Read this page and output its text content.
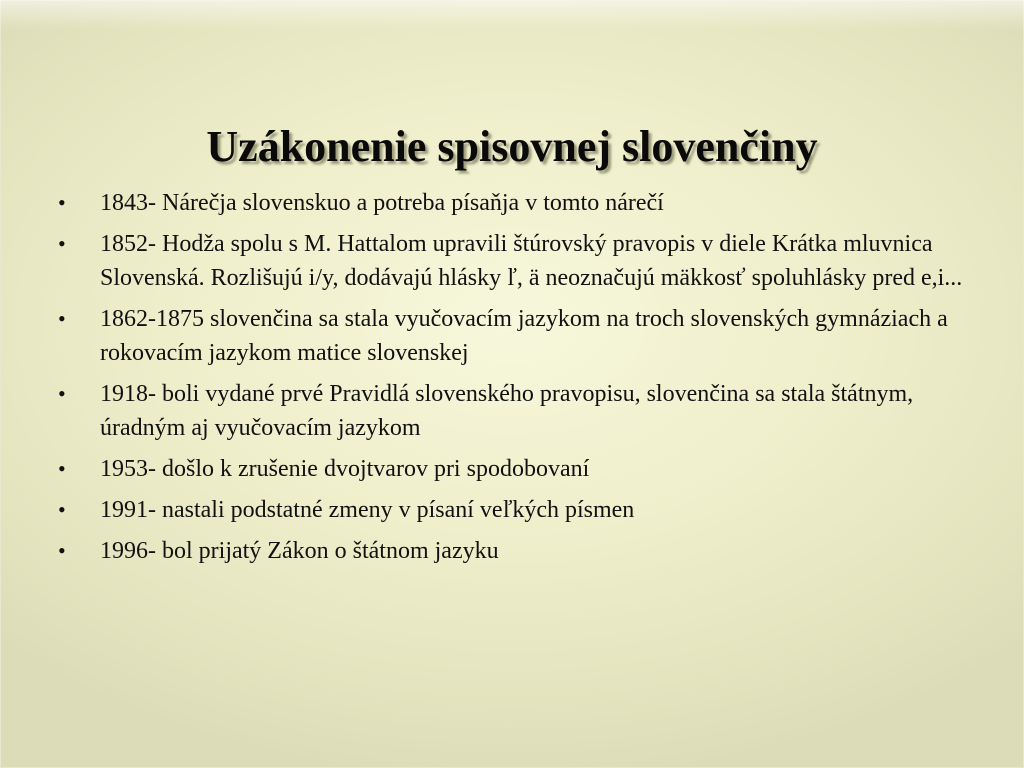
Uzákonenie spisovnej slovenčiny
•	1843- Nárečja slovenskuo a potreba písaňja v tomto nárečí
•	1852- Hodža spolu s M. Hattalom upravili štúrovský pravopis v diele Krátka mluvnica Slovenská. Rozlišujú i/y, dodávajú hlásky ľ, ä neoznačujú mäkkosť spoluhlásky pred e,i...
•	1862-1875 slovenčina sa stala vyučovacím jazykom na troch slovenských gymnáziach a rokovacím jazykom matice slovenskej
•	1918- boli vydané prvé Pravidlá slovenského pravopisu, slovenčina sa stala štátnym, úradným aj vyučovacím jazykom
•	1953- došlo k zrušenie dvojtvarov pri spodobovaní
•	1991- nastali podstatné zmeny v písaní veľkých písmen
•	1996- bol prijatý Zákon o štátnom jazyku
